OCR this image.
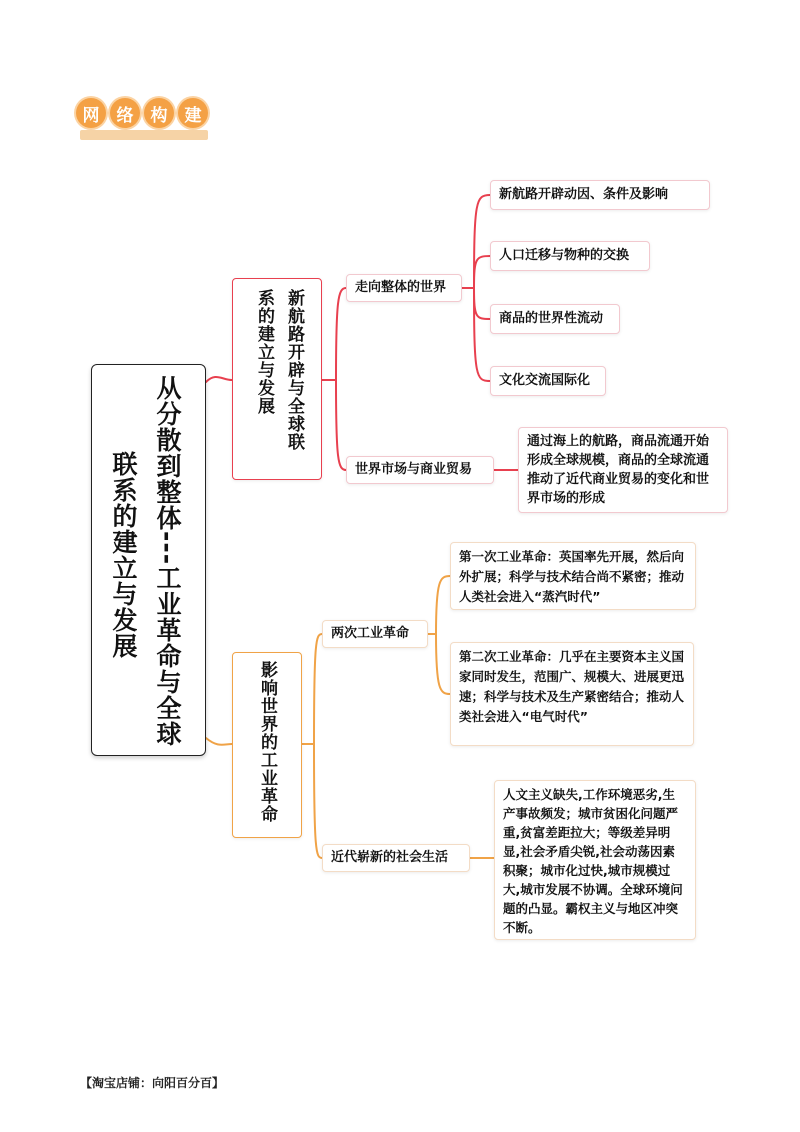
网	络	构	建
从分散到整体---工业革命与全球
联系的建立与发展
新航路开辟与全球联
系的建立与发展
走向整体的世界
新航路开辟动因、条件及影响
人口迁移与物种的交换
商品的世界性流动
文化交流国际化
世界市场与商业贸易
通过海上的航路，商品流通开始形成全球规模，商品的全球流通推动了近代商业贸易的变化和世界市场的形成
影响世界的工业革命
两次工业革命
第一次工业革命：英国率先开展，然后向外扩展；科学与技术结合尚不紧密；推动人类社会进入“蒸汽时代”
第二次工业革命：几乎在主要资本主义国家同时发生，范围广、规模大、进展更迅速；科学与技术及生产紧密结合；推动人类社会进入“电气时代”
近代崭新的社会生活
人文主义缺失,工作环境恶劣,生产事故频发；城市贫困化问题严重,贫富差距拉大；等级差异明显,社会矛盾尖锐,社会动荡因素积聚；城市化过快,城市规模过大,城市发展不协调。全球环境问题的凸显。霸权主义与地区冲突不断。
【淘宝店铺：向阳百分百】
